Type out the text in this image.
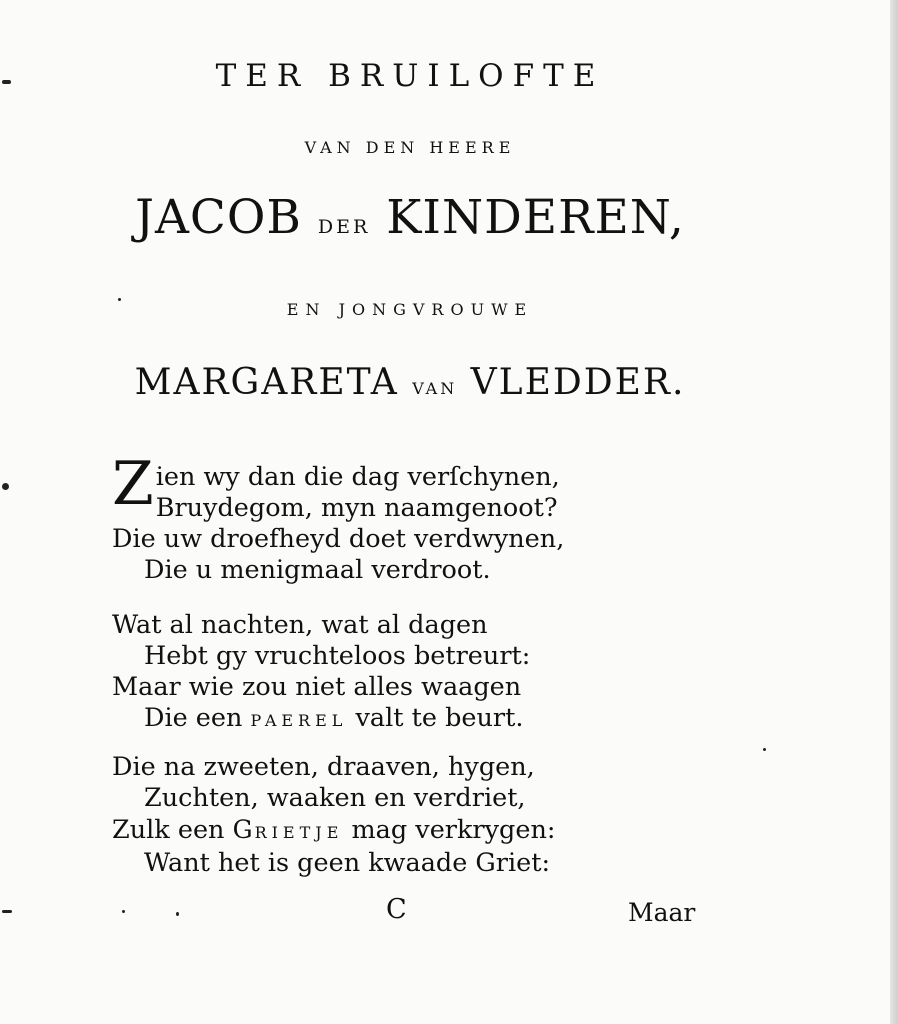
TER BRUILOFTE
VAN DEN HEERE
JACOB DER KINDEREN,
EN JONGVROUWE
MARGARETA VAN VLEDDER.
Zien wy dan die dag verſchynen,
Bruydegom, myn naamgenoot?
Die uw droefheyd doet verdwynen,
Die u menigmaal verdroot.
Wat al nachten, wat al dagen
Hebt gy vruchteloos betreurt:
Maar wie zou niet alles waagen
Die een PAEREL valt te beurt.
Die na zweeten, draaven, hygen,
Zuchten, waaken en verdriet,
Zulk een GRIETJE mag verkrygen:
Want het is geen kwaade Griet:
C	Maar
